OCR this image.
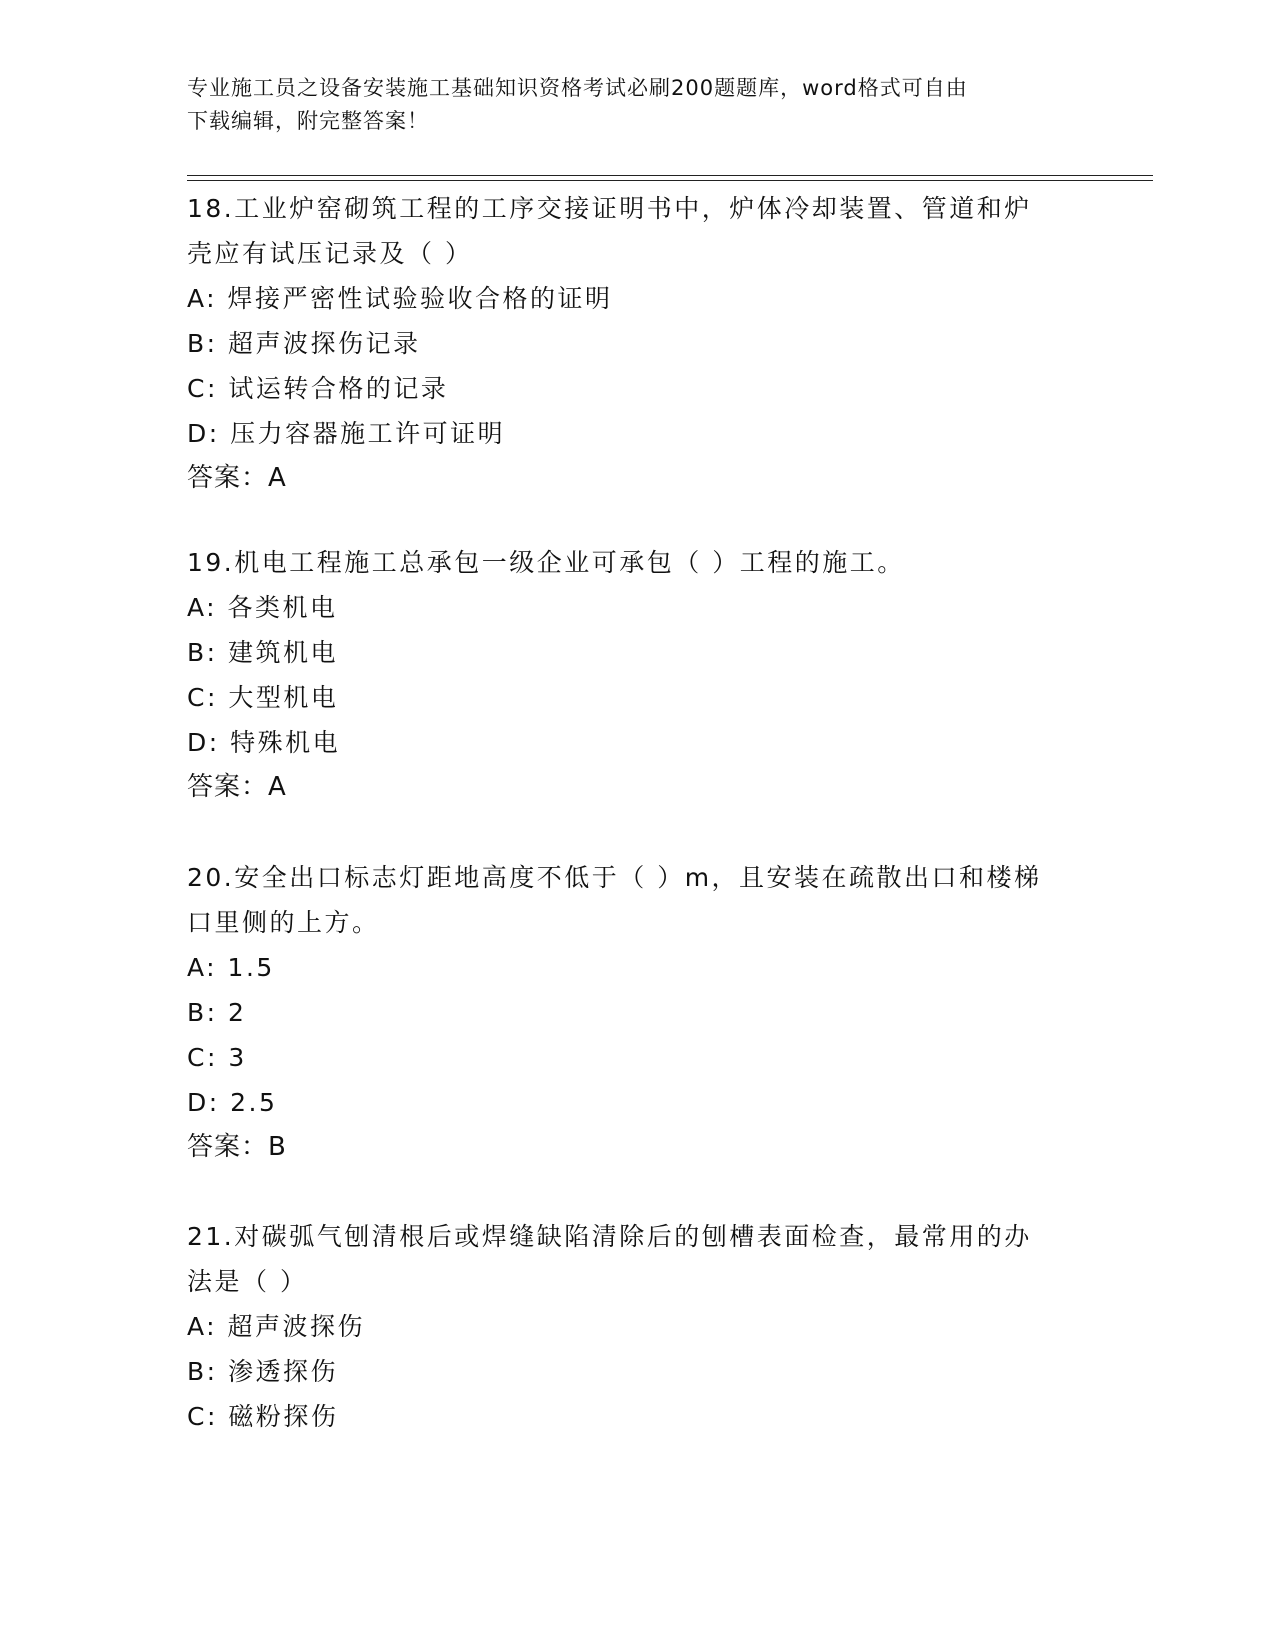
专业施工员之设备安装施工基础知识资格考试必刷200题题库，word格式可自由
下载编辑，附完整答案！

18.工业炉窑砌筑工程的工序交接证明书中，炉体冷却装置、管道和炉

壳应有试压记录及（ ）

A: 焊接严密性试验验收合格的证明

B: 超声波探伤记录

C: 试运转合格的记录

D: 压力容器施工许可证明

答案：A

19.机电工程施工总承包一级企业可承包（ ）工程的施工。

A: 各类机电

B: 建筑机电

C: 大型机电

D: 特殊机电

答案：A

20.安全出口标志灯距地高度不低于（ ）m，且安装在疏散出口和楼梯

口里侧的上方。

A: 1.5

B: 2

C: 3

D: 2.5

答案：B

21.对碳弧气刨清根后或焊缝缺陷清除后的刨槽表面检查，最常用的办

法是（ ）

A: 超声波探伤

B: 渗透探伤

C: 磁粉探伤
